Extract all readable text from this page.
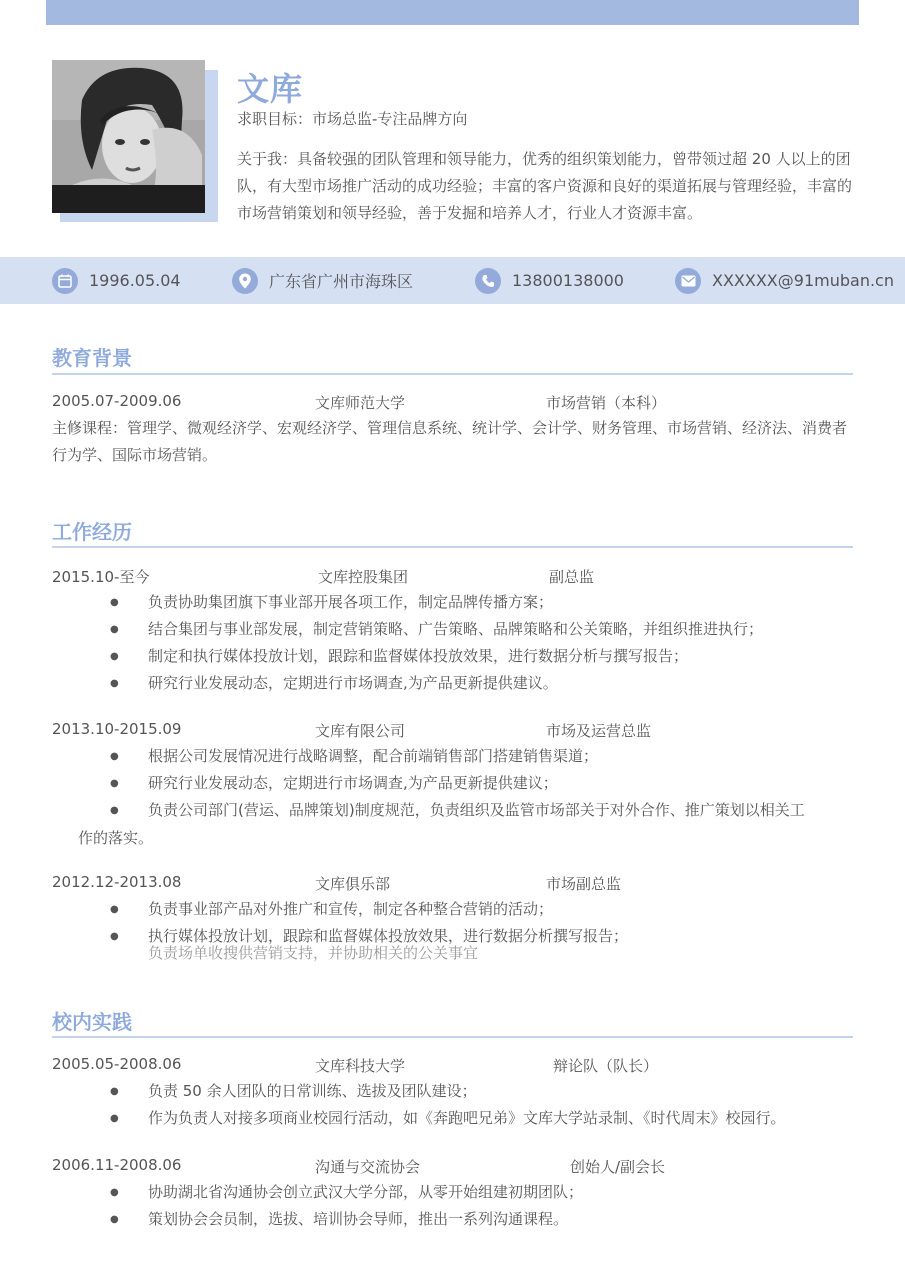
文库
求职目标：市场总监-专注品牌方向
关于我：具备较强的团队管理和领导能力，优秀的组织策划能力，曾带领过超 20 人以上的团队，有大型市场推广活动的成功经验；丰富的客户资源和良好的渠道拓展与管理经验，丰富的市场营销策划和领导经验，善于发掘和培养人才，行业人才资源丰富。
1996.05.04	广东省广州市海珠区	13800138000	XXXXXX@91muban.cn
教育背景
2005.07-2009.06	文库师范大学	市场营销（本科）
主修课程：管理学、微观经济学、宏观经济学、管理信息系统、统计学、会计学、财务管理、市场营销、经济法、消费者行为学、国际市场营销。
工作经历
2015.10-至今	文库控股集团	副总监
● 负责协助集团旗下事业部开展各项工作，制定品牌传播方案；
● 结合集团与事业部发展，制定营销策略、广告策略、品牌策略和公关策略，并组织推进执行；
● 制定和执行媒体投放计划，跟踪和监督媒体投放效果，进行数据分析与撰写报告；
● 研究行业发展动态，定期进行市场调查,为产品更新提供建议。
2013.10-2015.09	文库有限公司	市场及运营总监
● 根据公司发展情况进行战略调整，配合前端销售部门搭建销售渠道；
● 研究行业发展动态，定期进行市场调查,为产品更新提供建议；
● 负责公司部门(营运、品牌策划)制度规范，负责组织及监管市场部关于对外合作、推广策划以相关工
作的落实。
2012.12-2013.08	文库俱乐部	市场副总监
● 负责事业部产品对外推广和宣传，制定各种整合营销的活动；
● 执行媒体投放计划，跟踪和监督媒体投放效果，进行数据分析撰写报告；
负责场单收搜供营销支持，并协助相关的公关事宜
校内实践
2005.05-2008.06	文库科技大学	辩论队（队长）
● 负责 50 余人团队的日常训练、选拔及团队建设；
● 作为负责人对接多项商业校园行活动，如《奔跑吧兄弟》文库大学站录制、《时代周末》校园行。
2006.11-2008.06	沟通与交流协会	创始人/副会长
● 协助湖北省沟通协会创立武汉大学分部，从零开始组建初期团队；
● 策划协会会员制，选拔、培训协会导师，推出一系列沟通课程。
